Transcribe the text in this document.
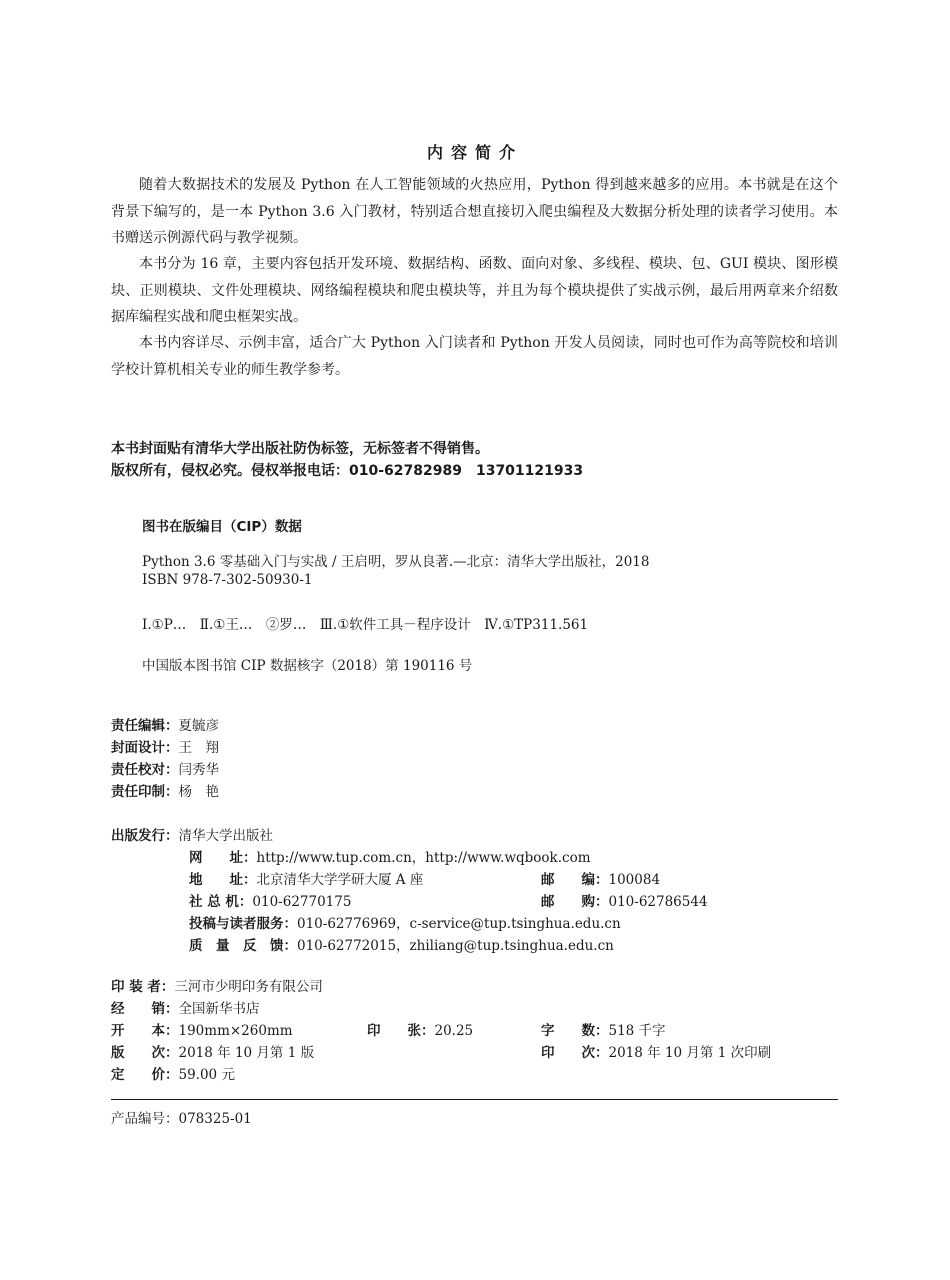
内容简介

随着大数据技术的发展及 Python 在人工智能领域的火热应用，Python 得到越来越多的应用。本书就是在这个背景下编写的，是一本 Python 3.6 入门教材，特别适合想直接切入爬虫编程及大数据分析处理的读者学习使用。本书赠送示例源代码与教学视频。

本书分为 16 章，主要内容包括开发环境、数据结构、函数、面向对象、多线程、模块、包、GUI 模块、图形模块、正则模块、文件处理模块、网络编程模块和爬虫模块等，并且为每个模块提供了实战示例，最后用两章来介绍数据库编程实战和爬虫框架实战。

本书内容详尽、示例丰富，适合广大 Python 入门读者和 Python 开发人员阅读，同时也可作为高等院校和培训学校计算机相关专业的师生教学参考。

本书封面贴有清华大学出版社防伪标签，无标签者不得销售。
版权所有，侵权必究。侵权举报电话：010-62782989　13701121933
图书在版编目（CIP）数据
Python 3.6 零基础入门与实战 / 王启明，罗从良著.—北京：清华大学出版社，2018
ISBN 978-7-302-50930-1
Ⅰ.①P…　Ⅱ.①王…　②罗…　Ⅲ.①软件工具－程序设计　Ⅳ.①TP311.561
中国版本图书馆 CIP 数据核字（2018）第 190116 号
责任编辑：夏毓彦
封面设计：王　翔
责任校对：闫秀华
责任印制：杨　艳
出版发行：清华大学出版社
网　　址：http://www.tup.com.cn，http://www.wqbook.com
地　　址：北京清华大学学研大厦 A 座	邮　　编：100084
社 总 机：010-62770175	邮　　购：010-62786544
投稿与读者服务：010-62776969，c-service@tup.tsinghua.edu.cn
质　量　反　馈：010-62772015，zhiliang@tup.tsinghua.edu.cn
印 装 者：三河市少明印务有限公司
经　　销：全国新华书店
开　　本：190mm×260mm	印　　张：20.25	字　　数：518 千字
版　　次：2018 年 10 月第 1 版	印　　次：2018 年 10 月第 1 次印刷
定　　价：59.00 元
产品编号：078325-01
